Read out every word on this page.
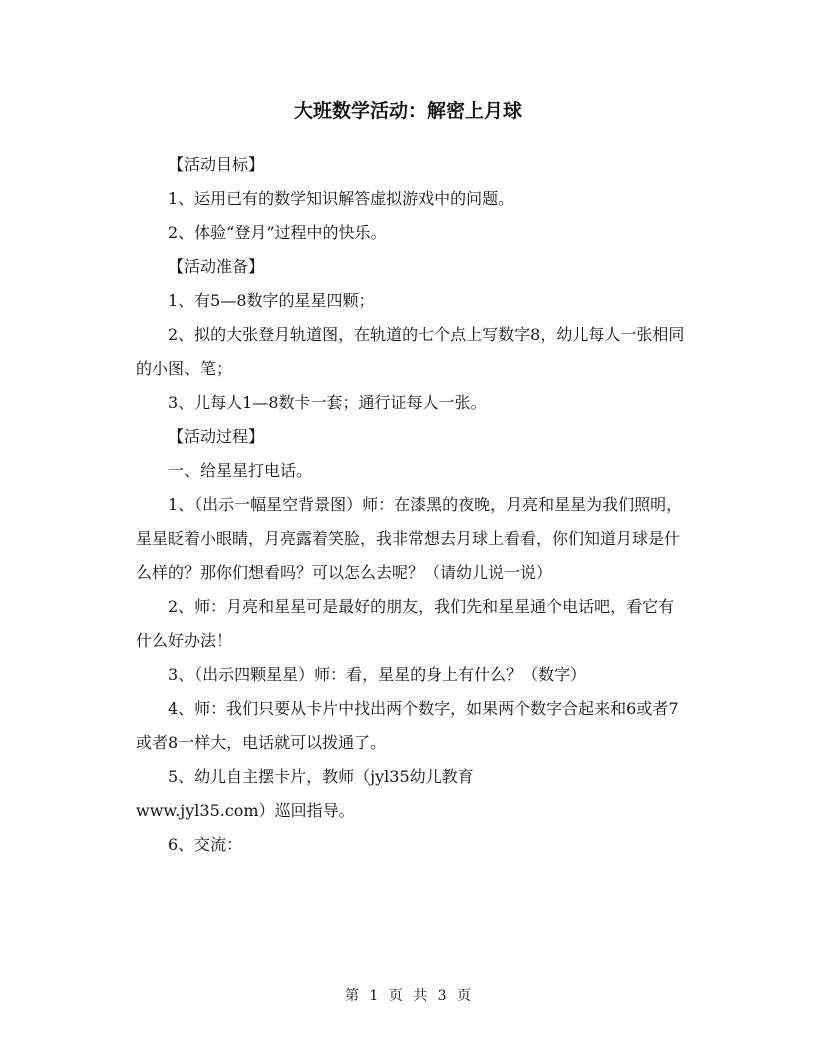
大班数学活动：解密上月球

【活动目标】

1、运用已有的数学知识解答虚拟游戏中的问题。

2、体验“登月”过程中的快乐。

【活动准备】

1、有5—8数字的星星四颗；

2、拟的大张登月轨道图，在轨道的七个点上写数字8，幼儿每人一张相同的小图、笔；

3、儿每人1—8数卡一套；通行证每人一张。

【活动过程】

一、给星星打电话。

1、（出示一幅星空背景图）师：在漆黑的夜晚，月亮和星星为我们照明，星星眨着小眼睛，月亮露着笑脸，我非常想去月球上看看，你们知道月球是什么样的？那你们想看吗？可以怎么去呢？（请幼儿说一说）

2、师：月亮和星星可是最好的朋友，我们先和星星通个电话吧，看它有什么好办法！

3、（出示四颗星星）师：看，星星的身上有什么？（数字）

4、师：我们只要从卡片中找出两个数字，如果两个数字合起来和6或者7或者8一样大，电话就可以拨通了。

5、幼儿自主摆卡片，教师（jyl35幼儿教育
www.jyl35.com）巡回指导。

6、交流：

第 1 页 共 3 页
